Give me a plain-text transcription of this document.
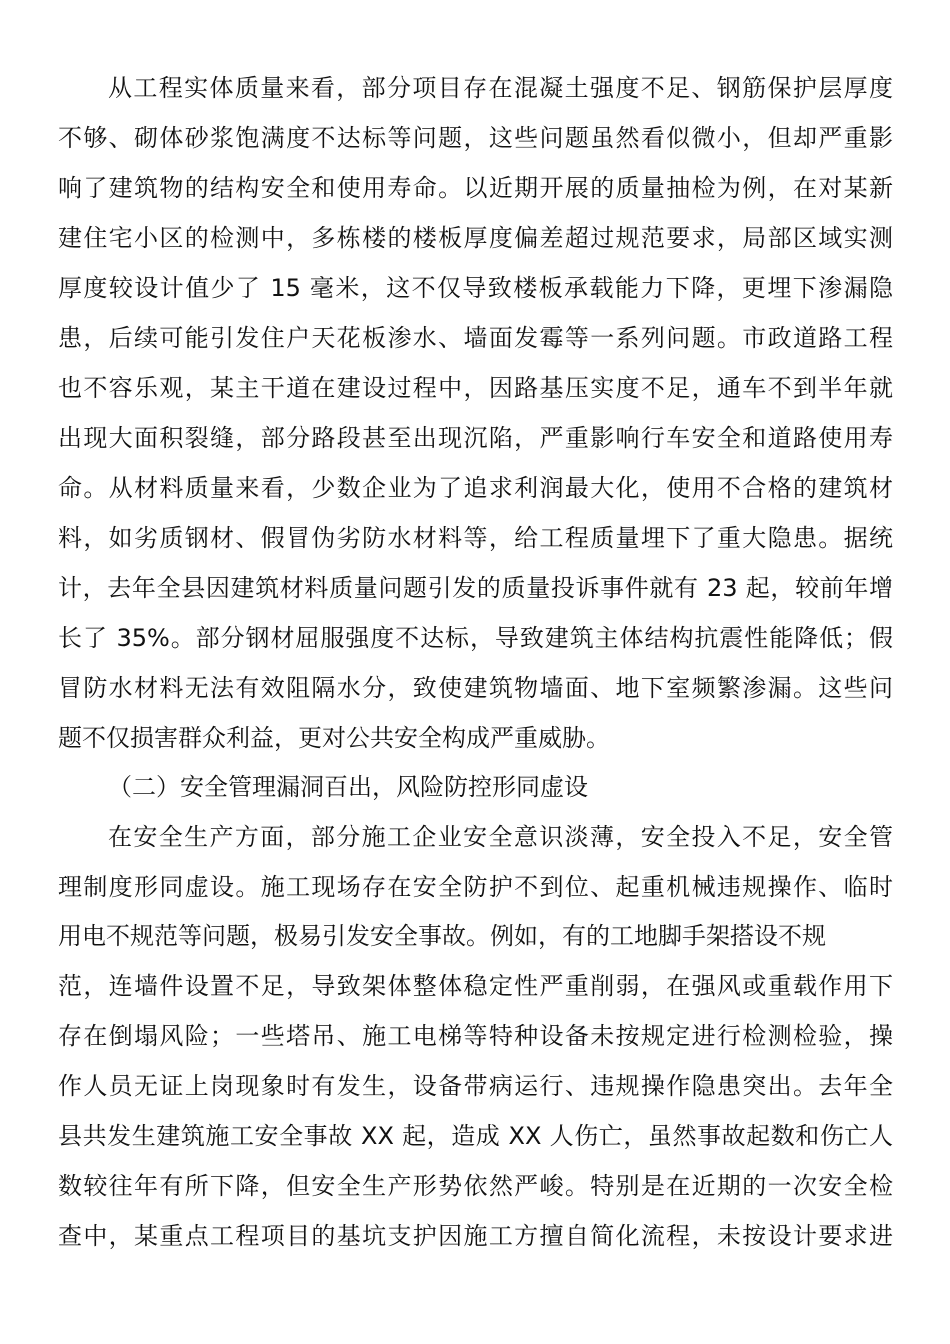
从工程实体质量来看，部分项目存在混凝土强度不足、钢筋保护层厚度
不够、砌体砂浆饱满度不达标等问题，这些问题虽然看似微小，但却严重影
响了建筑物的结构安全和使用寿命。以近期开展的质量抽检为例，在对某新
建住宅小区的检测中，多栋楼的楼板厚度偏差超过规范要求，局部区域实测
厚度较设计值少了 15 毫米，这不仅导致楼板承载能力下降，更埋下渗漏隐
患，后续可能引发住户天花板渗水、墙面发霉等一系列问题。市政道路工程
也不容乐观，某主干道在建设过程中，因路基压实度不足，通车不到半年就
出现大面积裂缝，部分路段甚至出现沉陷，严重影响行车安全和道路使用寿
命。从材料质量来看，少数企业为了追求利润最大化，使用不合格的建筑材
料，如劣质钢材、假冒伪劣防水材料等，给工程质量埋下了重大隐患。据统
计，去年全县因建筑材料质量问题引发的质量投诉事件就有 23 起，较前年增
长了 35%。部分钢材屈服强度不达标，导致建筑主体结构抗震性能降低；假
冒防水材料无法有效阻隔水分，致使建筑物墙面、地下室频繁渗漏。这些问
题不仅损害群众利益，更对公共安全构成严重威胁。
（二）安全管理漏洞百出，风险防控形同虚设
在安全生产方面，部分施工企业安全意识淡薄，安全投入不足，安全管
理制度形同虚设。施工现场存在安全防护不到位、起重机械违规操作、临时
用电不规范等问题，极易引发安全事故。例如，有的工地脚手架搭设不规
范，连墙件设置不足，导致架体整体稳定性严重削弱，在强风或重载作用下
存在倒塌风险；一些塔吊、施工电梯等特种设备未按规定进行检测检验，操
作人员无证上岗现象时有发生，设备带病运行、违规操作隐患突出。去年全
县共发生建筑施工安全事故 XX 起，造成 XX 人伤亡，虽然事故起数和伤亡人
数较往年有所下降，但安全生产形势依然严峻。特别是在近期的一次安全检
查中，某重点工程项目的基坑支护因施工方擅自简化流程，未按设计要求进
